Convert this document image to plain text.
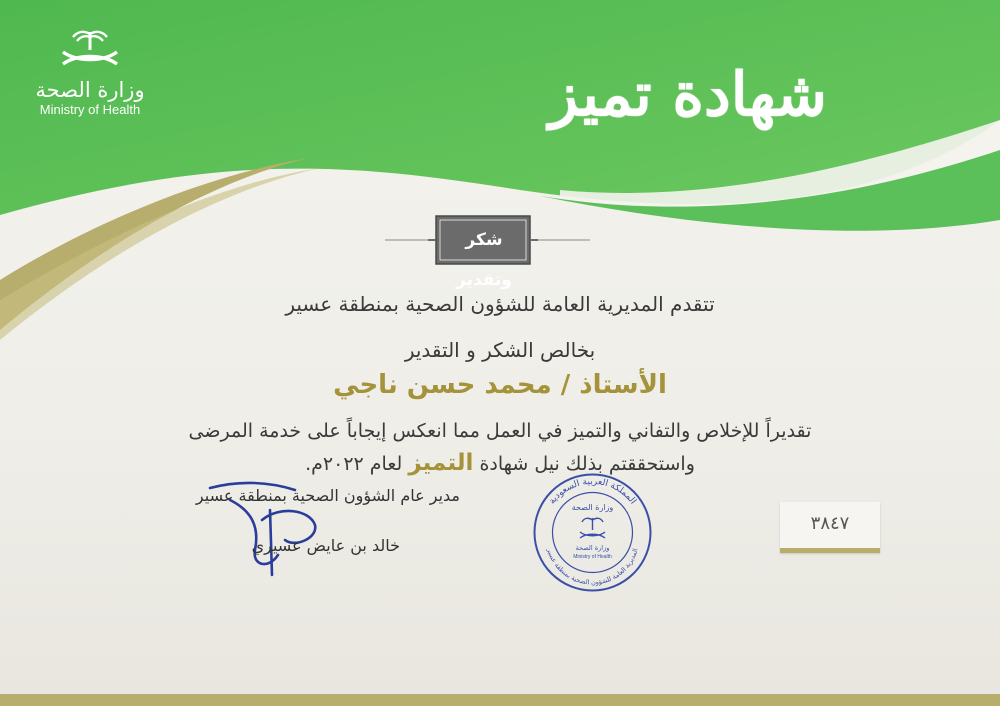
وزارة الصحة
Ministry of Health	شهادة تميز
شكر وتقدير
تتقدم المديرية العامة للشؤون الصحية بمنطقة عسير
بخالص الشكر و التقدير
الأستاذ / محمد حسن ناجي
تقديراً للإخلاص والتفاني والتميز في العمل مما انعكس إيجاباً على خدمة المرضى
واستحققتم بذلك نيل شهادة التميز لعام ٢٠٢٢م.
مدير عام الشؤون الصحية بمنطقة عسير
خالد بن عايض عسيري
المملكة العربية السعودية
المديرية العامة للشؤون الصحية بمنطقة عسير
وزارة الصحة
وزارة الصحة
Ministry of Health
٣٨٤٧
